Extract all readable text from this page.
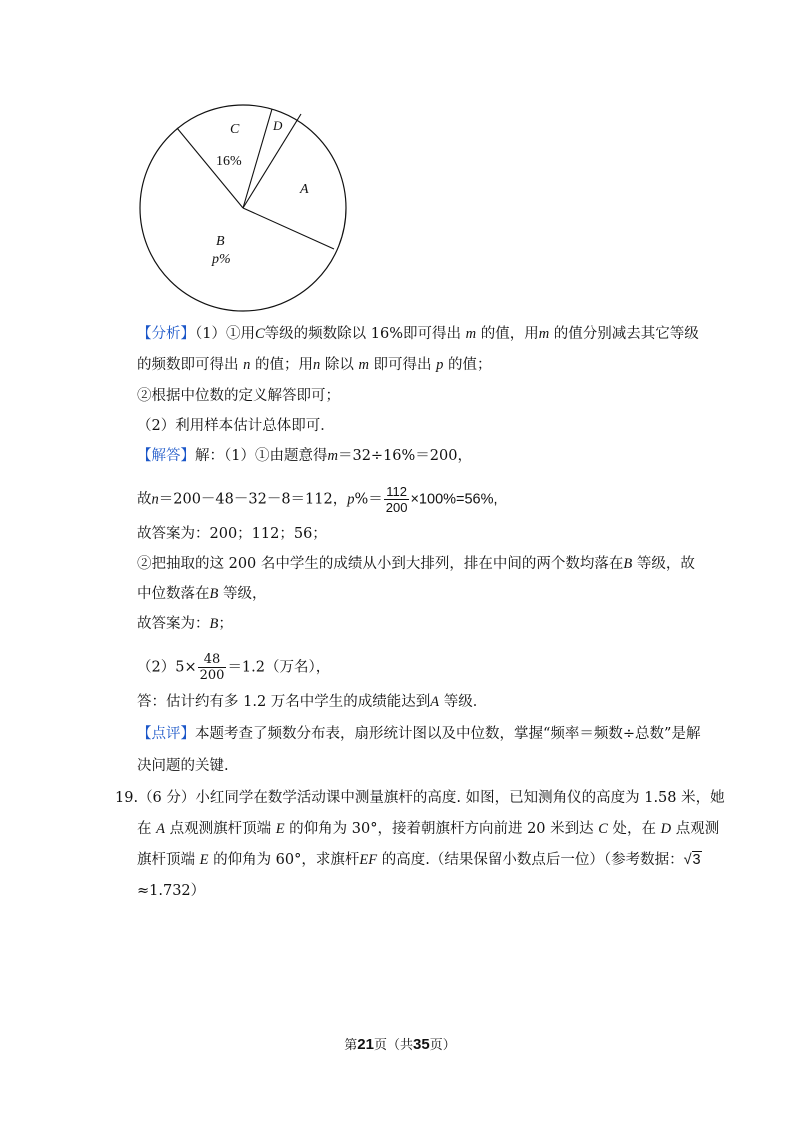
C
16%
D
A
B
p%
【分析】（1）①用C等级的频数除以 16%即可得出 m 的值，用m 的值分别减去其它等级
的频数即可得出 n 的值；用n 除以 m 即可得出 p 的值；
②根据中位数的定义解答即可；
（2）利用样本估计总体即可．
【解答】解：（1）①由题意得m＝32÷16%＝200，
故n＝200－48－32－8＝112，$p\%= \frac{112}{200} \times 100\%=56\%$,
故答案为：200；112；56；
②把抽取的这 200 名中学生的成绩从小到大排列，排在中间的两个数均落在B 等级，故
中位数落在B 等级，
故答案为：B；
$(2)5\times \frac{48}{200} =1.2$（万名），
答：估计约有多 1.2 万名中学生的成绩能达到A 等级．
【点评】本题考查了频数分布表，扇形统计图以及中位数，掌握“频率＝频数÷总数”是解
决问题的关键.
19.（6 分）小红同学在数学活动课中测量旗杆的高度. 如图，已知测角仪的高度为 1.58 米，她
在 A 点观测旗杆顶端 E 的仰角为 30°，接着朝旗杆方向前进 20 米到达 C 处，在 D 点观测
旗杆顶端 E 的仰角为 60°，求旗杆EF 的高度.（结果保留小数点后一位）（参考数据：√3
≈1.732）
第21页（共35页）
